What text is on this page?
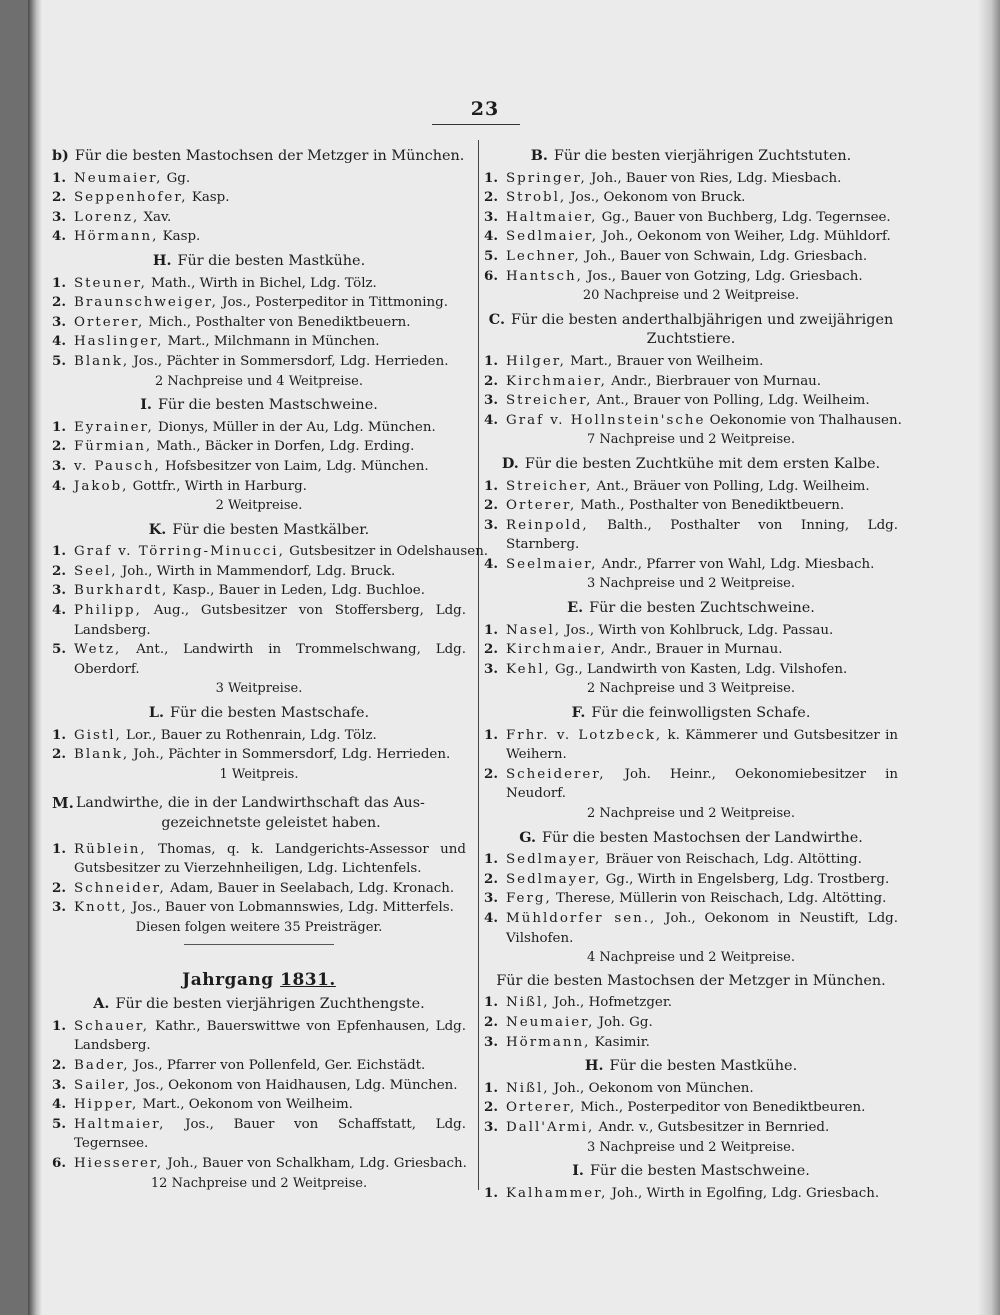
23
b) Für die besten Mastochsen der Metzger in München.
1. Neumaier, Gg.
2. Seppenhofer, Kasp.
3. Lorenz, Xav.
4. Hörmann, Kasp.
H. Für die besten Mastkühe.
1. Steuner, Math., Wirth in Bichel, Ldg. Tölz.
2. Braunschweiger, Jos., Posterpeditor in Tittmoning.
3. Orterer, Mich., Posthalter von Benediktbeuern.
4. Haslinger, Mart., Milchmann in München.
5. Blank, Jos., Pächter in Sommersdorf, Ldg. Herrieden.
2 Nachpreise und 4 Weitpreise.
I. Für die besten Mastschweine.
1. Eyrainer, Dionys, Müller in der Au, Ldg. München.
2. Fürmian, Math., Bäcker in Dorfen, Ldg. Erding.
3. v. Pausch, Hofsbesitzer von Laim, Ldg. München.
4. Jakob, Gottfr., Wirth in Harburg.
2 Weitpreise.
K. Für die besten Mastkälber.
1. Graf v. Törring-Minucci, Gutsbesitzer in Odelshausen.
2. Seel, Joh., Wirth in Mammendorf, Ldg. Bruck.
3. Burkhardt, Kasp., Bauer in Leden, Ldg. Buchloe.
4. Philipp, Aug., Gutsbesitzer von Stoffersberg, Ldg. Landsberg.
5. Wetz, Ant., Landwirth in Trommelschwang, Ldg. Oberdorf.
3 Weitpreise.
L. Für die besten Mastschafe.
1. Gistl, Lor., Bauer zu Rothenrain, Ldg. Tölz.
2. Blank, Joh., Pächter in Sommersdorf, Ldg. Herrieden.
1 Weitpreis.
M. Landwirthe, die in der Landwirthschaft das Aus-
gezeichnetste geleistet haben.
1. Rüblein, Thomas, q. k. Landgerichts-Assessor und Gutsbesitzer zu Vierzehnheiligen, Ldg. Lichtenfels.
2. Schneider, Adam, Bauer in Seelabach, Ldg. Kronach.
3. Knott, Jos., Bauer von Lobmannswies, Ldg. Mitterfels.
Diesen folgen weitere 35 Preisträger.
Jahrgang 1831.
A. Für die besten vierjährigen Zuchthengste.
1. Schauer, Kathr., Bauerswittwe von Epfenhausen, Ldg. Landsberg.
2. Bader, Jos., Pfarrer von Pollenfeld, Ger. Eichstädt.
3. Sailer, Jos., Oekonom von Haidhausen, Ldg. München.
4. Hipper, Mart., Oekonom von Weilheim.
5. Haltmaier, Jos., Bauer von Schaffstatt, Ldg. Tegernsee.
6. Hiesserer, Joh., Bauer von Schalkham, Ldg. Griesbach.
12 Nachpreise und 2 Weitpreise.
B. Für die besten vierjährigen Zuchtstuten.
1. Springer, Joh., Bauer von Ries, Ldg. Miesbach.
2. Strobl, Jos., Oekonom von Bruck.
3. Haltmaier, Gg., Bauer von Buchberg, Ldg. Tegernsee.
4. Sedlmaier, Joh., Oekonom von Weiher, Ldg. Mühldorf.
5. Lechner, Joh., Bauer von Schwain, Ldg. Griesbach.
6. Hantsch, Jos., Bauer von Gotzing, Ldg. Griesbach.
20 Nachpreise und 2 Weitpreise.
C. Für die besten anderthalbjährigen und zweijährigen Zuchtstiere.
1. Hilger, Mart., Brauer von Weilheim.
2. Kirchmaier, Andr., Bierbrauer von Murnau.
3. Streicher, Ant., Brauer von Polling, Ldg. Weilheim.
4. Graf v. Hollnstein'sche Oekonomie von Thalhausen.
7 Nachpreise und 2 Weitpreise.
D. Für die besten Zuchtkühe mit dem ersten Kalbe.
1. Streicher, Ant., Bräuer von Polling, Ldg. Weilheim.
2. Orterer, Math., Posthalter von Benediktbeuern.
3. Reinpold, Balth., Posthalter von Inning, Ldg. Starnberg.
4. Seelmaier, Andr., Pfarrer von Wahl, Ldg. Miesbach.
3 Nachpreise und 2 Weitpreise.
E. Für die besten Zuchtschweine.
1. Nasel, Jos., Wirth von Kohlbruck, Ldg. Passau.
2. Kirchmaier, Andr., Brauer in Murnau.
3. Kehl, Gg., Landwirth von Kasten, Ldg. Vilshofen.
2 Nachpreise und 3 Weitpreise.
F. Für die feinwolligsten Schafe.
1. Frhr. v. Lotzbeck, k. Kämmerer und Gutsbesitzer in Weihern.
2. Scheiderer, Joh. Heinr., Oekonomiebesitzer in Neudorf.
2 Nachpreise und 2 Weitpreise.
G. Für die besten Mastochsen der Landwirthe.
1. Sedlmayer, Bräuer von Reischach, Ldg. Altötting.
2. Sedlmayer, Gg., Wirth in Engelsberg, Ldg. Trostberg.
3. Ferg, Therese, Müllerin von Reischach, Ldg. Altötting.
4. Mühldorfer sen., Joh., Oekonom in Neustift, Ldg. Vilshofen.
4 Nachpreise und 2 Weitpreise.
Für die besten Mastochsen der Metzger in München.
1. Nißl, Joh., Hofmetzger.
2. Neumaier, Joh. Gg.
3. Hörmann, Kasimir.
H. Für die besten Mastkühe.
1. Nißl, Joh., Oekonom von München.
2. Orterer, Mich., Posterpeditor von Benediktbeuren.
3. Dall'Armi, Andr. v., Gutsbesitzer in Bernried.
3 Nachpreise und 2 Weitpreise.
I. Für die besten Mastschweine.
1. Kalhammer, Joh., Wirth in Egolfing, Ldg. Griesbach.
